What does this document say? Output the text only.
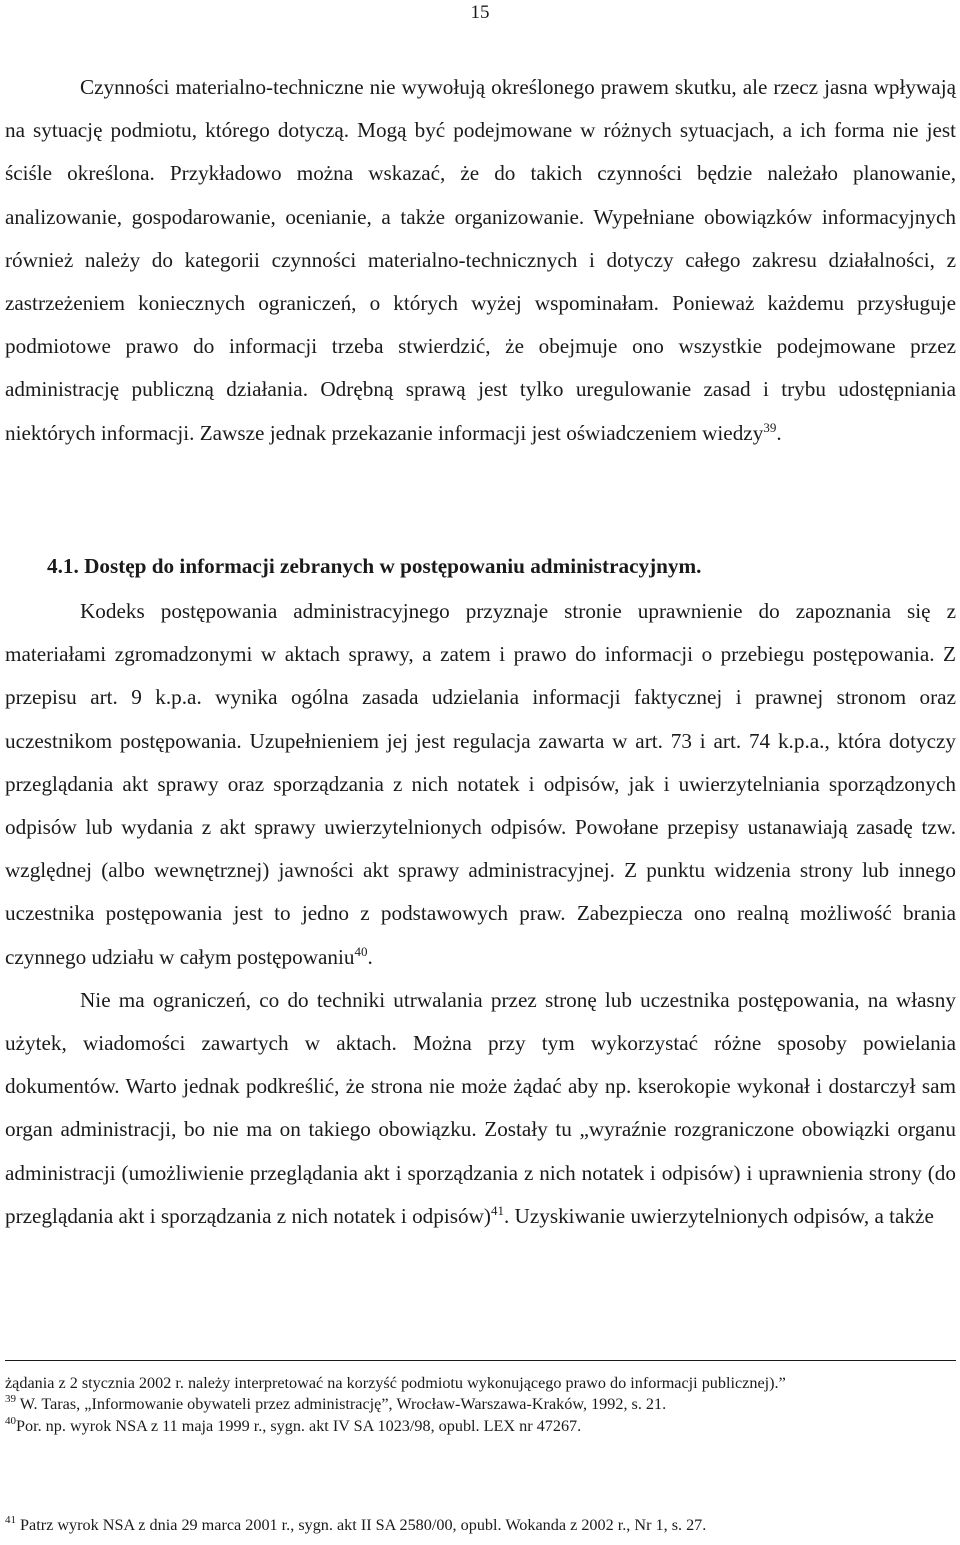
15

Czynności materialno-techniczne nie wywołują określonego prawem skutku, ale rzecz jasna wpływają na sytuację podmiotu, którego dotyczą. Mogą być podejmowane w różnych sytuacjach, a ich forma nie jest ściśle określona. Przykładowo można wskazać, że do takich czynności będzie należało planowanie, analizowanie, gospodarowanie, ocenianie, a także organizowanie. Wypełniane obowiązków informacyjnych również należy do kategorii czynności materialno-technicznych i dotyczy całego zakresu działalności, z zastrzeżeniem koniecznych ograniczeń, o których wyżej wspominałam. Ponieważ każdemu przysługuje podmiotowe prawo do informacji trzeba stwierdzić, że obejmuje ono wszystkie podejmowane przez administrację publiczną działania. Odrębną sprawą jest tylko uregulowanie zasad i trybu udostępniania niektórych informacji. Zawsze jednak przekazanie informacji jest oświadczeniem wiedzy$^{39}$.

4.1. Dostęp do informacji zebranych w postępowaniu administracyjnym.

Kodeks postępowania administracyjnego przyznaje stronie uprawnienie do zapoznania się z materiałami zgromadzonymi w aktach sprawy, a zatem i prawo do informacji o przebiegu postępowania. Z przepisu art. 9 k.p.a. wynika ogólna zasada udzielania informacji faktycznej i prawnej stronom oraz uczestnikom postępowania. Uzupełnieniem jej jest regulacja zawarta w art. 73 i art. 74 k.p.a., która dotyczy przeglądania akt sprawy oraz sporządzania z nich notatek i odpisów, jak i uwierzytelniania sporządzonych odpisów lub wydania z akt sprawy uwierzytelnionych odpisów. Powołane przepisy ustanawiają zasadę tzw. względnej (albo wewnętrznej) jawności akt sprawy administracyjnej. Z punktu widzenia strony lub innego uczestnika postępowania jest to jedno z podstawowych praw. Zabezpiecza ono realną możliwość brania czynnego udziału w całym postępowaniu$^{40}$.

Nie ma ograniczeń, co do techniki utrwalania przez stronę lub uczestnika postępowania, na własny użytek, wiadomości zawartych w aktach. Można przy tym wykorzystać różne sposoby powielania dokumentów. Warto jednak podkreślić, że strona nie może żądać aby np. kserokopie wykonał i dostarczył sam organ administracji, bo nie ma on takiego obowiązku. Zostały tu „wyraźnie rozgraniczone obowiązki organu administracji (umożliwienie przeglądania akt i sporządzania z nich notatek i odpisów) i uprawnienia strony (do przeglądania akt i sporządzania z nich notatek i odpisów)$^{41}$. Uzyskiwanie uwierzytelnionych odpisów, a także

żądania z 2 stycznia 2002 r. należy interpretować na korzyść podmiotu wykonującego prawo do informacji publicznej).”

$^{39}$ W. Taras, „Informowanie obywateli przez administrację”, Wrocław-Warszawa-Kraków, 1992, s. 21.

$^{40}$Por. np. wyrok NSA z 11 maja 1999 r., sygn. akt IV SA 1023/98, opubl. LEX nr 47267.

$^{41}$ Patrz wyrok NSA z dnia 29 marca 2001 r., sygn. akt II SA 2580/00, opubl. Wokanda z 2002 r., Nr 1, s. 27.
